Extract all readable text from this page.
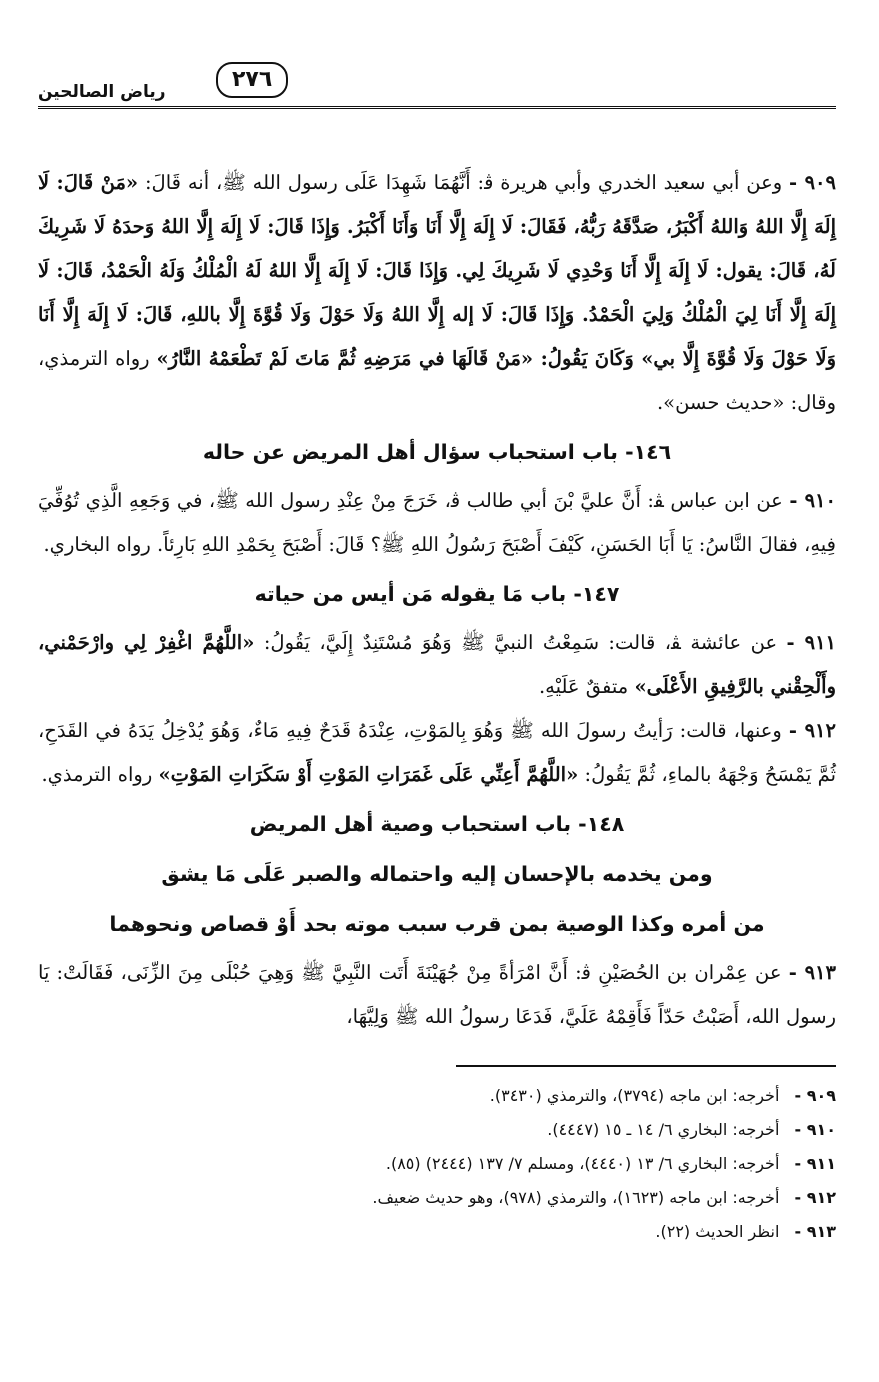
٢٧٦
رياض الصالحين

٩٠٩ - وعن أبي سعيد الخدري وأبي هريرة ﭬ: أَنَّهُمَا شَهِدَا عَلَى رسول الله ﷺ، أنه قَالَ: «مَنْ قَالَ: لَا إِلَهَ إِلَّا اللهُ وَاللهُ أَكْبَرُ، صَدَّقَهُ رَبُّهُ، فَقَالَ: لَا إِلَهَ إِلَّا أَنَا وَأَنَا أَكْبَرُ. وَإِذَا قَالَ: لَا إِلَهَ إِلَّا اللهُ وَحدَهُ لَا شَرِيكَ لَهُ، قَالَ: يقول: لَا إِلَهَ إِلَّا أَنَا وَحْدِي لَا شَرِيكَ لِي. وَإِذَا قَالَ: لَا إِلَهَ إِلَّا اللهُ لَهُ الْمُلْكُ وَلَهُ الْحَمْدُ، قَالَ: لَا إِلَهَ إِلَّا أَنَا لِيَ الْمُلْكُ وَلِيَ الْحَمْدُ. وَإِذَا قَالَ: لَا إله إِلَّا اللهُ وَلَا حَوْلَ وَلَا قُوَّةَ إِلَّا باللهِ، قَالَ: لَا إِلَهَ إِلَّا أَنَا وَلَا حَوْلَ وَلَا قُوَّةَ إِلَّا بي» وَكَانَ يَقُولُ: «مَنْ قَالَهَا في مَرَضِهِ ثُمَّ مَاتَ لَمْ تَطْعَمْهُ النَّارُ» رواه الترمذي، وقال: «حديث حسن».

١٤٦- باب استحباب سؤال أهل المريض عن حاله

٩١٠ - عن ابن عباس ﭭ: أَنَّ عليَّ بْنَ أبي طالب ﭬ، خَرَجَ مِنْ عِنْدِ رسول الله ﷺ، في وَجَعِهِ الَّذِي تُوُفِّيَ فِيهِ، فقالَ النَّاسُ: يَا أَبَا الحَسَنِ، كَيْفَ أَصْبَحَ رَسُولُ اللهِ ﷺ؟ قَالَ: أَصْبَحَ بِحَمْدِ اللهِ بَارِئاً. رواه البخاري.

١٤٧- باب مَا يقوله مَن أيس من حياته

٩١١ - عن عائشة ﭭ، قالت: سَمِعْتُ النبيَّ ﷺ وَهُوَ مُسْتَنِدٌ إِلَيَّ، يَقُولُ: «اللَّهُمَّ اغْفِرْ لِي وارْحَمْني، وأَلْحِقْني بالرَّفِيقِ الأَعْلَى» متفقٌ عَلَيْهِ.

٩١٢ - وعنها، قالت: رَأيتُ رسولَ الله ﷺ وَهُوَ بِالمَوْتِ، عِنْدَهُ قَدَحٌ فِيهِ مَاءٌ، وَهُوَ يُدْخِلُ يَدَهُ في القَدَحِ، ثُمَّ يَمْسَحُ وَجْهَهُ بالماءِ، ثُمَّ يَقُولُ: «اللَّهُمَّ أَعِنِّي عَلَى غَمَرَاتِ المَوْتِ أَوْ سَكَرَاتِ المَوْتِ» رواه الترمذي.

١٤٨- باب استحباب وصية أهل المريض
ومن يخدمه بالإحسان إليه واحتماله والصبر عَلَى مَا يشق
من أمره وكذا الوصية بمن قرب سبب موته بحد أَوْ قصاص ونحوهما

٩١٣ - عن عِمْران بن الحُصَيْنِ ﭬ: أَنَّ امْرَأةً مِنْ جُهَيْنَةَ أَتَت النَّبِيَّ ﷺ وَهِيَ حُبْلَى مِنَ الزِّنَى، فَقَالَتْ: يَا رسول الله، أَصَبْتُ حَدّاً فَأَقِمْهُ عَلَيَّ، فَدَعَا رسولُ الله ﷺ وَلِيَّهَا،

٩٠٩ - أخرجه: ابن ماجه (٣٧٩٤)، والترمذي (٣٤٣٠).
٩١٠ - أخرجه: البخاري ٦/ ١٤ ـ ١٥ (٤٤٤٧).
٩١١ - أخرجه: البخاري ٦/ ١٣ (٤٤٤٠)، ومسلم ٧/ ١٣٧ (٢٤٤٤) (٨٥).
٩١٢ - أخرجه: ابن ماجه (١٦٢٣)، والترمذي (٩٧٨)، وهو حديث ضعيف.
٩١٣ - انظر الحديث (٢٢).
